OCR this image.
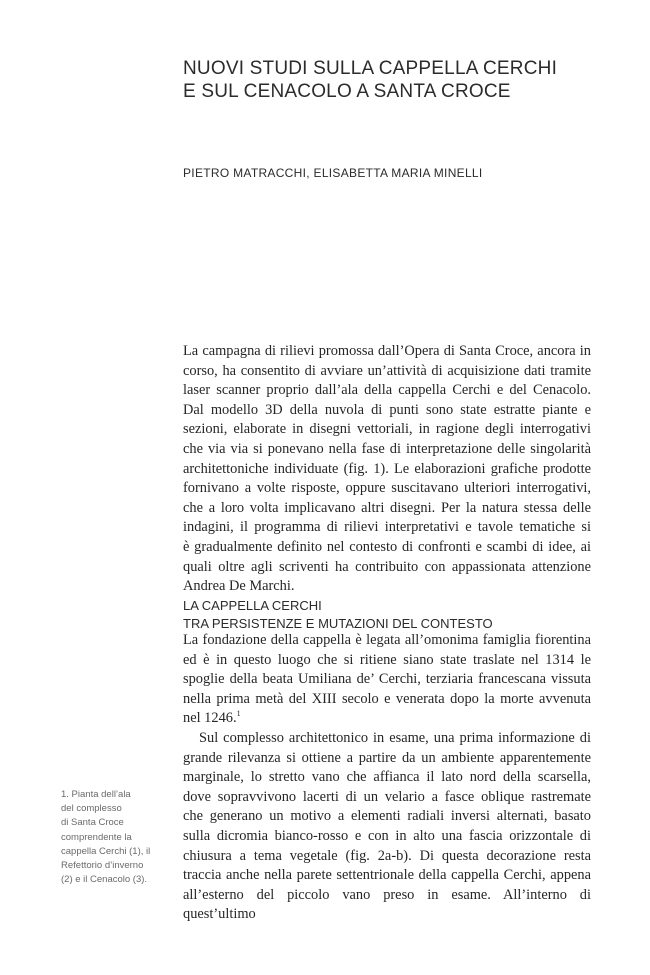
NUOVI STUDI SULLA CAPPELLA CERCHI
E SUL CENACOLO A SANTA CROCE
PIETRO MATRACCHI, ELISABETTA MARIA MINELLI
La campagna di rilievi promossa dall’Opera di Santa Croce, ancora in
corso, ha consentito di avviare un’attività di acquisizione dati tramite
laser scanner proprio dall’ala della cappella Cerchi e del Cenacolo.
Dal modello 3D della nuvola di punti sono state estratte piante e
sezioni, elaborate in disegni vettoriali, in ragione degli interrogativi
che via via si ponevano nella fase di interpretazione delle singolarità
architettoniche individuate (fig. 1). Le elaborazioni grafiche prodotte
fornivano a volte risposte, oppure suscitavano ulteriori interrogativi,
che a loro volta implicavano altri disegni. Per la natura stessa delle
indagini, il programma di rilievi interpretativi e tavole tematiche si
è gradualmente definito nel contesto di confronti e scambi di idee, ai
quali oltre agli scriventi ha contribuito con appassionata attenzione
Andrea De Marchi.
LA CAPPELLA CERCHI
TRA PERSISTENZE E MUTAZIONI DEL CONTESTO
La fondazione della cappella è legata all’omonima famiglia fiorentina
ed è in questo luogo che si ritiene siano state traslate nel 1314 le
spoglie della beata Umiliana de’ Cerchi, terziaria francescana vissuta
nella prima metà del XIII secolo e venerata dopo la morte avvenuta
nel 1246.$^1$
Sul complesso architettonico in esame, una prima informazione di
grande rilevanza si ottiene a partire da un ambiente apparentemente
marginale, lo stretto vano che affianca il lato nord della scarsella,
dove sopravvivono lacerti di un velario a fasce oblique rastremate
che generano un motivo a elementi radiali inversi alternati, basato
sulla dicromia bianco-rosso e con in alto una fascia orizzontale di
chiusura a tema vegetale (fig. 2a-b). Di questa decorazione resta
traccia anche nella parete settentrionale della cappella Cerchi, appena
all’esterno del piccolo vano preso in esame. All’interno di quest’ultimo
1. Pianta dell’ala
del complesso
di Santa Croce
comprendente la
cappella Cerchi (1), il
Refettorio d’inverno
(2) e il Cenacolo (3).
